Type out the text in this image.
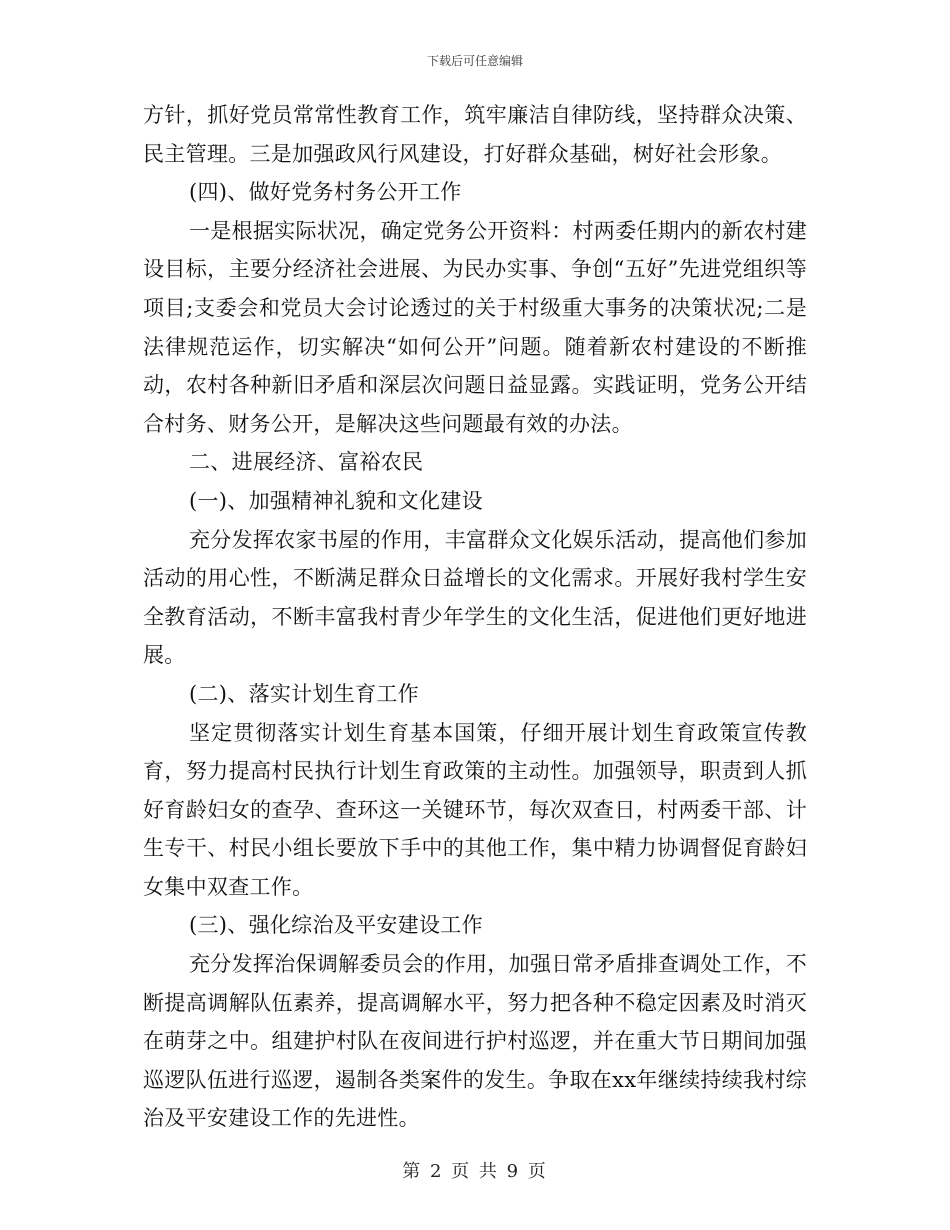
下载后可任意编辑

方针，抓好党员常常性教育工作，筑牢廉洁自律防线，坚持群众决策、民主管理。三是加强政风行风建设，打好群众基础，树好社会形象。

(四)、做好党务村务公开工作

一是根据实际状况，确定党务公开资料：村两委任期内的新农村建设目标，主要分经济社会进展、为民办实事、争创“五好”先进党组织等项目;支委会和党员大会讨论透过的关于村级重大事务的决策状况;二是法律规范运作，切实解决“如何公开”问题。随着新农村建设的不断推动，农村各种新旧矛盾和深层次问题日益显露。实践证明，党务公开结合村务、财务公开，是解决这些问题最有效的办法。

二、进展经济、富裕农民

(一)、加强精神礼貌和文化建设

充分发挥农家书屋的作用，丰富群众文化娱乐活动，提高他们参加活动的用心性，不断满足群众日益增长的文化需求。开展好我村学生安全教育活动，不断丰富我村青少年学生的文化生活，促进他们更好地进展。

(二)、落实计划生育工作

坚定贯彻落实计划生育基本国策，仔细开展计划生育政策宣传教育，努力提高村民执行计划生育政策的主动性。加强领导，职责到人抓好育龄妇女的查孕、查环这一关键环节，每次双查日，村两委干部、计生专干、村民小组长要放下手中的其他工作，集中精力协调督促育龄妇女集中双查工作。

(三)、强化综治及平安建设工作

充分发挥治保调解委员会的作用，加强日常矛盾排查调处工作，不断提高调解队伍素养，提高调解水平，努力把各种不稳定因素及时消灭在萌芽之中。组建护村队在夜间进行护村巡逻，并在重大节日期间加强巡逻队伍进行巡逻，遏制各类案件的发生。争取在xx年继续持续我村综治及平安建设工作的先进性。

第 2 页 共 9 页
